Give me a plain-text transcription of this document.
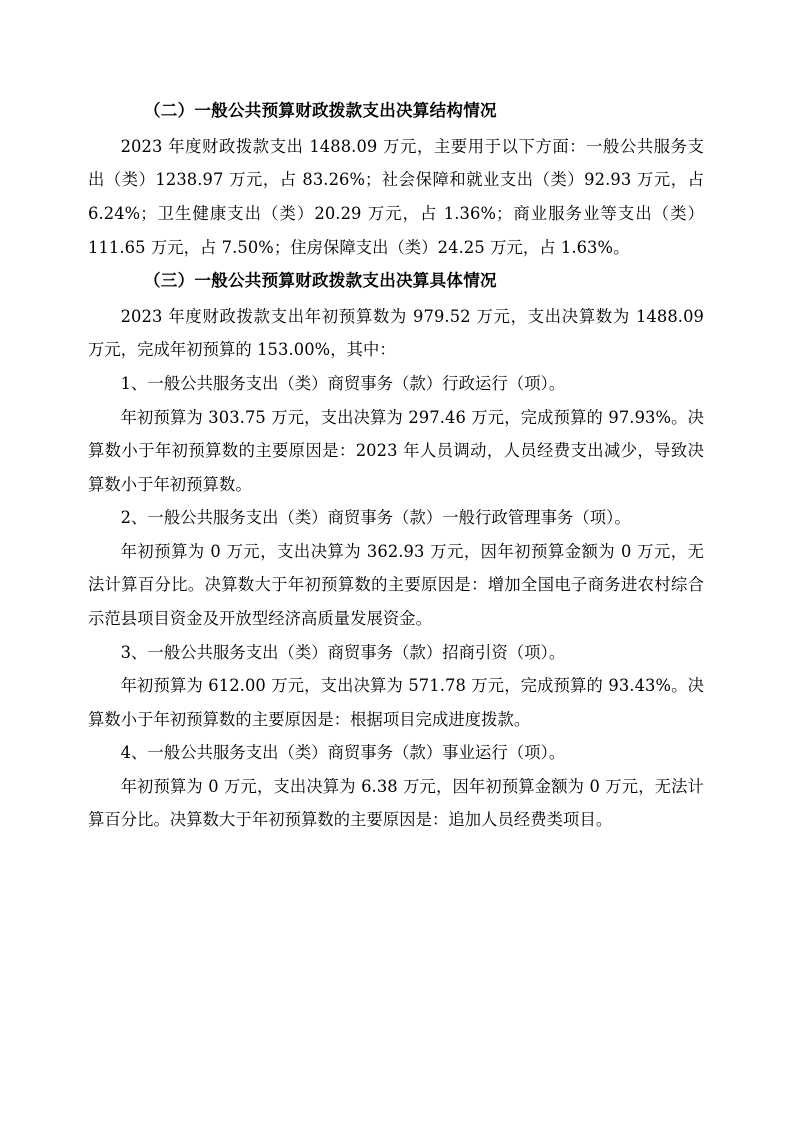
（二）一般公共预算财政拨款支出决算结构情况

2023 年度财政拨款支出 1488.09 万元，主要用于以下方面：一般公共服务支出（类）1238.97 万元，占 83.26%；社会保障和就业支出（类）92.93 万元，占 6.24%；卫生健康支出（类）20.29 万元，占 1.36%；商业服务业等支出（类）111.65 万元，占 7.50%；住房保障支出（类）24.25 万元，占 1.63%。

（三）一般公共预算财政拨款支出决算具体情况

2023 年度财政拨款支出年初预算数为 979.52 万元，支出决算数为 1488.09 万元，完成年初预算的 153.00%，其中：

1、一般公共服务支出（类）商贸事务（款）行政运行（项）。

年初预算为 303.75 万元，支出决算为 297.46 万元，完成预算的 97.93%。决算数小于年初预算数的主要原因是：2023 年人员调动，人员经费支出减少，导致决算数小于年初预算数。

2、一般公共服务支出（类）商贸事务（款）一般行政管理事务（项）。

年初预算为 0 万元，支出决算为 362.93 万元，因年初预算金额为 0 万元，无法计算百分比。决算数大于年初预算数的主要原因是：增加全国电子商务进农村综合示范县项目资金及开放型经济高质量发展资金。

3、一般公共服务支出（类）商贸事务（款）招商引资（项）。

年初预算为 612.00 万元，支出决算为 571.78 万元，完成预算的 93.43%。决算数小于年初预算数的主要原因是：根据项目完成进度拨款。

4、一般公共服务支出（类）商贸事务（款）事业运行（项）。

年初预算为 0 万元，支出决算为 6.38 万元，因年初预算金额为 0 万元，无法计算百分比。决算数大于年初预算数的主要原因是：追加人员经费类项目。
